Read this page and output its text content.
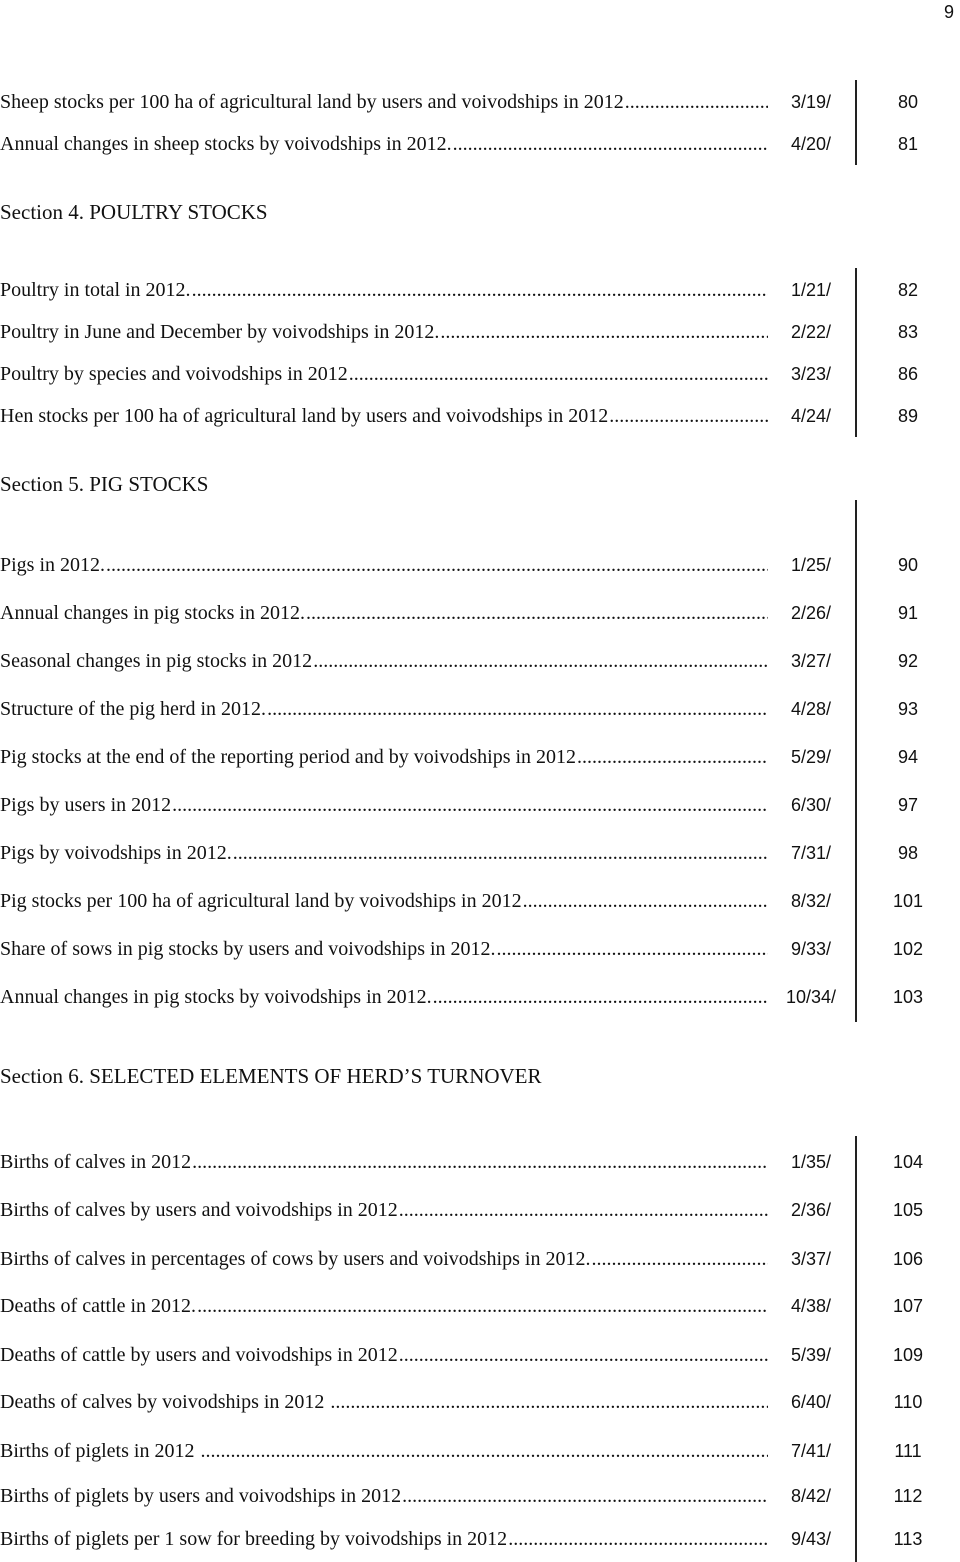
9
Sheep stocks per 100 ha of agricultural land by users and voivodships in 2012 .....	3/19/	80
Annual changes in sheep stocks by voivodships in 2012. .....	4/20/	81
Section 4. POULTRY STOCKS
Poultry in total in 2012. .....	1/21/	82
Poultry in June and December by voivodships in 2012. .....	2/22/	83
Poultry by species and voivodships in 2012 .....	3/23/	86
Hen stocks per 100 ha of agricultural land by users and voivodships in 2012 .....	4/24/	89
Section 5. PIG STOCKS
Pigs in 2012. .....	1/25/	90
Annual changes in pig stocks in 2012. .....	2/26/	91
Seasonal changes in pig stocks in 2012 .....	3/27/	92
Structure of the pig herd in 2012. .....	4/28/	93
Pig stocks at the end of the reporting period and by voivodships in 2012 .....	5/29/	94
Pigs by users in 2012 .....	6/30/	97
Pigs by voivodships in 2012. .....	7/31/	98
Pig stocks per 100 ha of agricultural land by voivodships in 2012 .....	8/32/	101
Share of sows in pig stocks by users and voivodships in 2012. .....	9/33/	102
Annual changes in pig stocks by voivodships in 2012. .....	10/34/	103
Section 6. SELECTED ELEMENTS OF HERD’S TURNOVER
Births of calves in 2012 .....	1/35/	104
Births of calves by users and voivodships in 2012 .....	2/36/	105
Births of calves in percentages of cows by users and voivodships in 2012. .....	3/37/	106
Deaths of cattle in 2012. .....	4/38/	107
Deaths of cattle by users and voivodships in 2012 .....	5/39/	109
Deaths of calves by voivodships in 2012 .....	6/40/	110
Births of piglets in 2012 .....	7/41/	111
Births of piglets by users and voivodships in 2012 .....	8/42/	112
Births of piglets per 1 sow for breeding by voivodships in 2012 .....	9/43/	113
